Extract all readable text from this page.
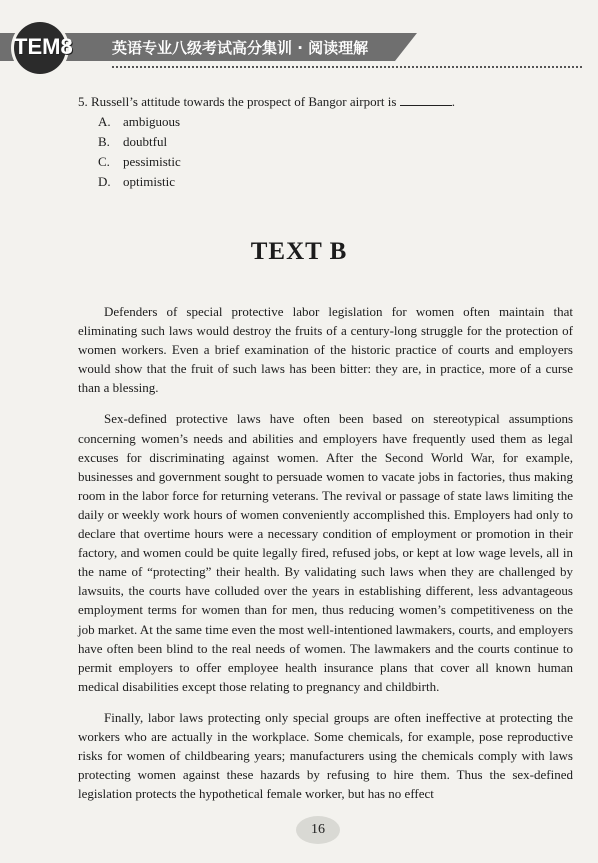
TEM8	英语专业八级考试高分集训 · 阅读理解
5. Russell’s attitude towards the prospect of Bangor airport is	.
A. ambiguous
B. doubtful
C. pessimistic
D. optimistic
TEXT B

Defenders of special protective labor legislation for women often maintain that eliminating such laws would destroy the fruits of a century-long struggle for the protection of women workers. Even a brief examination of the historic practice of courts and employers would show that the fruit of such laws has been bitter: they are, in practice, more of a curse than a blessing.

Sex-defined protective laws have often been based on stereotypical assumptions concerning women’s needs and abilities and employers have frequently used them as legal excuses for discriminating against women. After the Second World War, for example, businesses and government sought to persuade women to vacate jobs in factories, thus making room in the labor force for returning veterans. The revival or passage of state laws limiting the daily or weekly work hours of women conveniently accomplished this. Employers had only to declare that overtime hours were a necessary condition of employment or promotion in their factory, and women could be quite legally fired, refused jobs, or kept at low wage levels, all in the name of “protecting” their health. By validating such laws when they are challenged by lawsuits, the courts have colluded over the years in establishing different, less advantageous employment terms for women than for men, thus reducing women’s competitiveness on the job market. At the same time even the most well-intentioned lawmakers, courts, and employers have often been blind to the real needs of women. The lawmakers and the courts continue to permit employers to offer employee health insurance plans that cover all known human medical disabilities except those relating to pregnancy and childbirth.

Finally, labor laws protecting only special groups are often ineffective at protecting the workers who are actually in the workplace. Some chemicals, for example, pose reproductive risks for women of childbearing years; manufacturers using the chemicals comply with laws protecting women against these hazards by refusing to hire them. Thus the sex-defined legislation protects the hypothetical female worker, but has no effect

16
